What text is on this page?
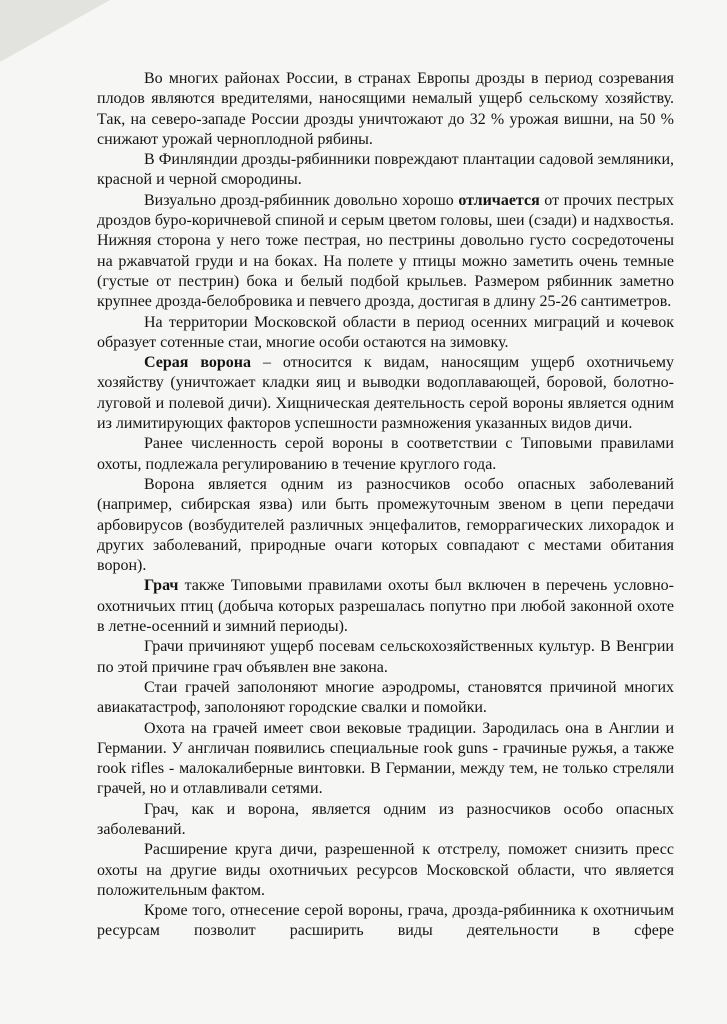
Во многих районах России, в странах Европы дрозды в период созревания плодов являются вредителями, наносящими немалый ущерб сельскому хозяйству. Так, на северо-западе России дрозды уничтожают до 32 % урожая вишни, на 50 % снижают урожай черноплодной рябины.

В Финляндии дрозды-рябинники повреждают плантации садовой земляники, красной и черной смородины.

Визуально дрозд-рябинник довольно хорошо отличается от прочих пестрых дроздов буро-коричневой спиной и серым цветом головы, шеи (сзади) и надхвостья. Нижняя сторона у него тоже пестрая, но пестрины довольно густо сосредоточены на ржавчатой груди и на боках. На полете у птицы можно заметить очень темные (густые от пестрин) бока и белый подбой крыльев. Размером рябинник заметно крупнее дрозда-белобровика и певчего дрозда, достигая в длину 25-26 сантиметров.

На территории Московской области в период осенних миграций и кочевок образует сотенные стаи, многие особи остаются на зимовку.

Серая ворона – относится к видам, наносящим ущерб охотничьему хозяйству (уничтожает кладки яиц и выводки водоплавающей, боровой, болотно-луговой и полевой дичи). Хищническая деятельность серой вороны является одним из лимитирующих факторов успешности размножения указанных видов дичи.

Ранее численность серой вороны в соответствии с Типовыми правилами охоты, подлежала регулированию в течение круглого года.

Ворона является одним из разносчиков особо опасных заболеваний (например, сибирская язва) или быть промежуточным звеном в цепи передачи арбовирусов (возбудителей различных энцефалитов, геморрагических лихорадок и других заболеваний, природные очаги которых совпадают с местами обитания ворон).

Грач также Типовыми правилами охоты был включен в перечень условно-охотничьих птиц (добыча которых разрешалась попутно при любой законной охоте в летне-осенний и зимний периоды).

Грачи причиняют ущерб посевам сельскохозяйственных культур. В Венгрии по этой причине грач объявлен вне закона.

Стаи грачей заполоняют многие аэродромы, становятся причиной многих авиакатастроф, заполоняют городские свалки и помойки.

Охота на грачей имеет свои вековые традиции. Зародилась она в Англии и Германии. У англичан появились специальные rook guns - грачиные ружья, а также rook rifles - малокалиберные винтовки. В Германии, между тем, не только стреляли грачей, но и отлавливали сетями.

Грач, как и ворона, является одним из разносчиков особо опасных заболеваний.

Расширение круга дичи, разрешенной к отстрелу, поможет снизить пресс охоты на другие виды охотничьих ресурсов Московской области, что является положительным фактом.

Кроме того, отнесение серой вороны, грача, дрозда-рябинника к охотничьим ресурсам позволит расширить виды деятельности в сфере
